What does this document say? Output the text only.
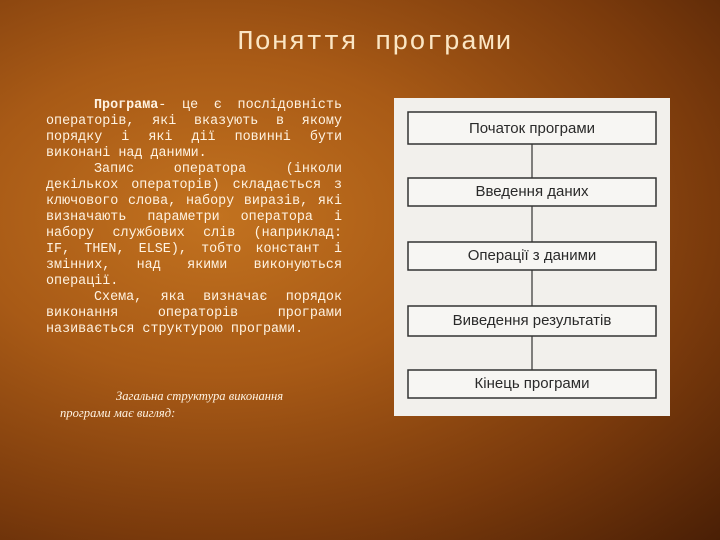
Поняття програми

Програма- це є послідовність операторів, які вказують в якому порядку і які дії повинні бути виконані над даними.

Запис оператора (інколи декількох операторів) складається з ключового слова, набору виразів, які визначають параметри оператора і набору службових слів (наприклад: IF, THEN, ELSE), тобто констант і змінних, над якими виконуються операції.

Схема, яка визначає порядок виконання операторів програми називається структурою програми.

Загальна структура виконання програми має вигляд:

Початок програми
Введення даних
Операції з даними
Виведення результатів
Кінець програми
